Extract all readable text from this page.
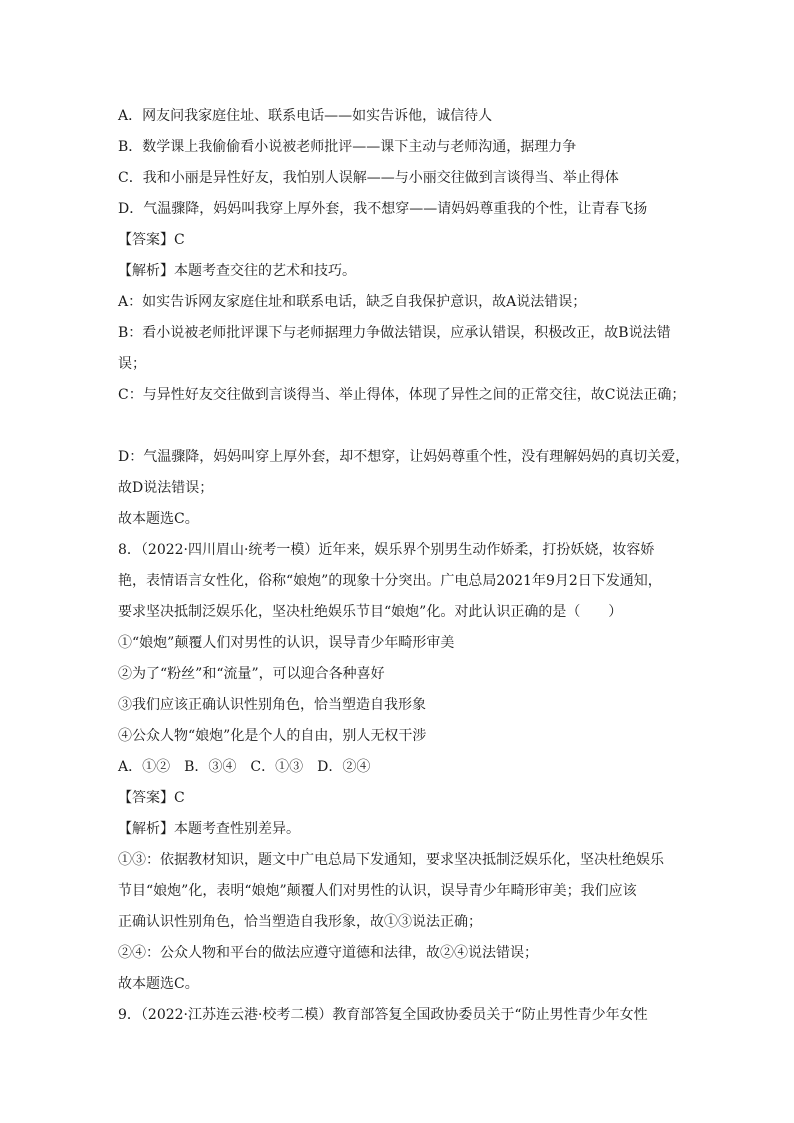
A．网友问我家庭住址、联系电话——如实告诉他，诚信待人
B．数学课上我偷偷看小说被老师批评——课下主动与老师沟通，据理力争
C．我和小丽是异性好友，我怕别人误解——与小丽交往做到言谈得当、举止得体
D．气温骤降，妈妈叫我穿上厚外套，我不想穿——请妈妈尊重我的个性，让青春飞扬
【答案】C
【解析】本题考查交往的艺术和技巧。
A：如实告诉网友家庭住址和联系电话，缺乏自我保护意识，故A说法错误；
B：看小说被老师批评课下与老师据理力争做法错误，应承认错误，积极改正，故B说法错
误；
C：与异性好友交往做到言谈得当、举止得体，体现了异性之间的正常交往，故C说法正确；
D：气温骤降，妈妈叫穿上厚外套，却不想穿，让妈妈尊重个性，没有理解妈妈的真切关爱，
故D说法错误；
故本题选C。
8．（2022·四川眉山·统考一模）近年来，娱乐界个别男生动作娇柔，打扮妖娆，妆容娇
艳，表情语言女性化，俗称“娘炮”的现象十分突出。广电总局2021年9月2日下发通知，
要求坚决抵制泛娱乐化，坚决杜绝娱乐节目“娘炮”化。对此认识正确的是（　　）
①“娘炮”颠覆人们对男性的认识，误导青少年畸形审美
②为了“粉丝”和“流量”，可以迎合各种喜好
③我们应该正确认识性别角色，恰当塑造自我形象
④公众人物“娘炮”化是个人的自由，别人无权干涉
A．①②　B．③④　C．①③　D．②④
【答案】C
【解析】本题考查性别差异。
①③：依据教材知识，题文中广电总局下发通知，要求坚决抵制泛娱乐化，坚决杜绝娱乐
节目“娘炮”化，表明“娘炮”颠覆人们对男性的认识，误导青少年畸形审美；我们应该
正确认识性别角色，恰当塑造自我形象，故①③说法正确；
②④：公众人物和平台的做法应遵守道德和法律，故②④说法错误；
故本题选C。
9．（2022·江苏连云港·校考二模）教育部答复全国政协委员关于“防止男性青少年女性
